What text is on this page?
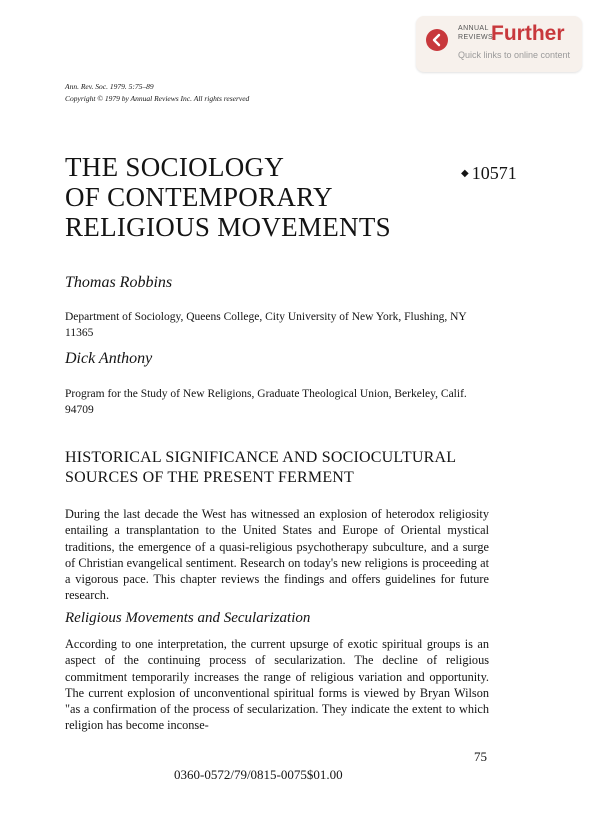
ANNUAL
REVIEWS
Further
Quick links to online content
Ann. Rev. Soc. 1979. 5:75–89
Copyright © 1979 by Annual Reviews Inc. All rights reserved
THE SOCIOLOGY
OF CONTEMPORARY
RELIGIOUS MOVEMENTS
◆ 10571
Thomas Robbins
Department of Sociology, Queens College, City University of New York, Flushing, NY 11365
Dick Anthony
Program for the Study of New Religions, Graduate Theological Union, Berkeley, Calif. 94709
HISTORICAL SIGNIFICANCE AND SOCIOCULTURAL
SOURCES OF THE PRESENT FERMENT
During the last decade the West has witnessed an explosion of heterodox religiosity entailing a transplantation to the United States and Europe of Oriental mystical traditions, the emergence of a quasi-religious psychotherapy subculture, and a surge of Christian evangelical sentiment. Research on today's new religions is proceeding at a vigorous pace. This chapter reviews the findings and offers guidelines for future research.
Religious Movements and Secularization
According to one interpretation, the current upsurge of exotic spiritual groups is an aspect of the continuing process of secularization. The decline of religious commitment temporarily increases the range of religious variation and opportunity. The current explosion of unconventional spiritual forms is viewed by Bryan Wilson "as a confirmation of the process of secularization. They indicate the extent to which religion has become inconse-
75
0360-0572/79/0815-0075$01.00
